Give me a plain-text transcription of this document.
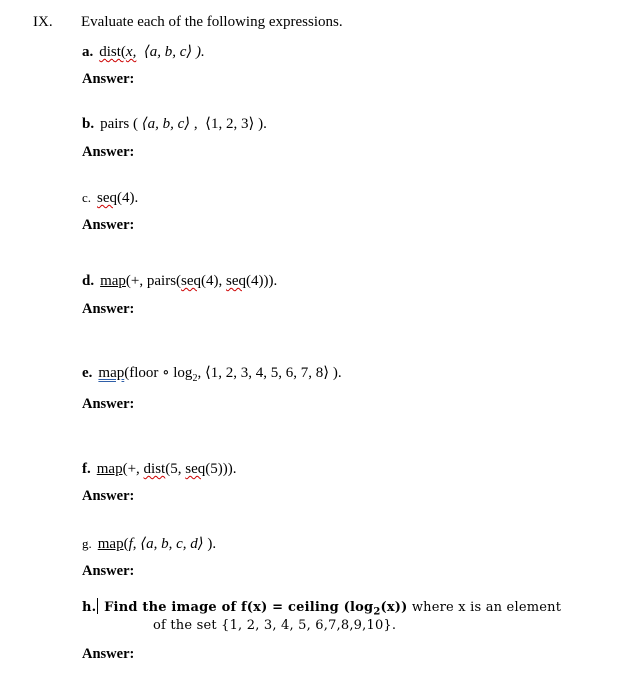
IX. Evaluate each of the following expressions.
a. dist(x, ⟨a, b, c⟩ ).
Answer:
b. pairs ( ⟨a, b, c⟩ ,  ⟨1, 2, 3⟩ ).
Answer:
c. seq(4).
Answer:
d. map(+, pairs(seq(4), seq(4))).
Answer:
e. map(floor ∘ $\log_2$, ⟨1, 2, 3, 4, 5, 6, 7, 8⟩ ).
Answer:
f. map(+, dist(5, seq(5))).
Answer:
g. map(f, ⟨a, b, c, d⟩ ).
Answer:
h. Find the image of f(x) = ceiling $(\log_2(x))$ where x is an element
of the set {1, 2, 3, 4, 5, 6,7,8,9,10}.
Answer:
